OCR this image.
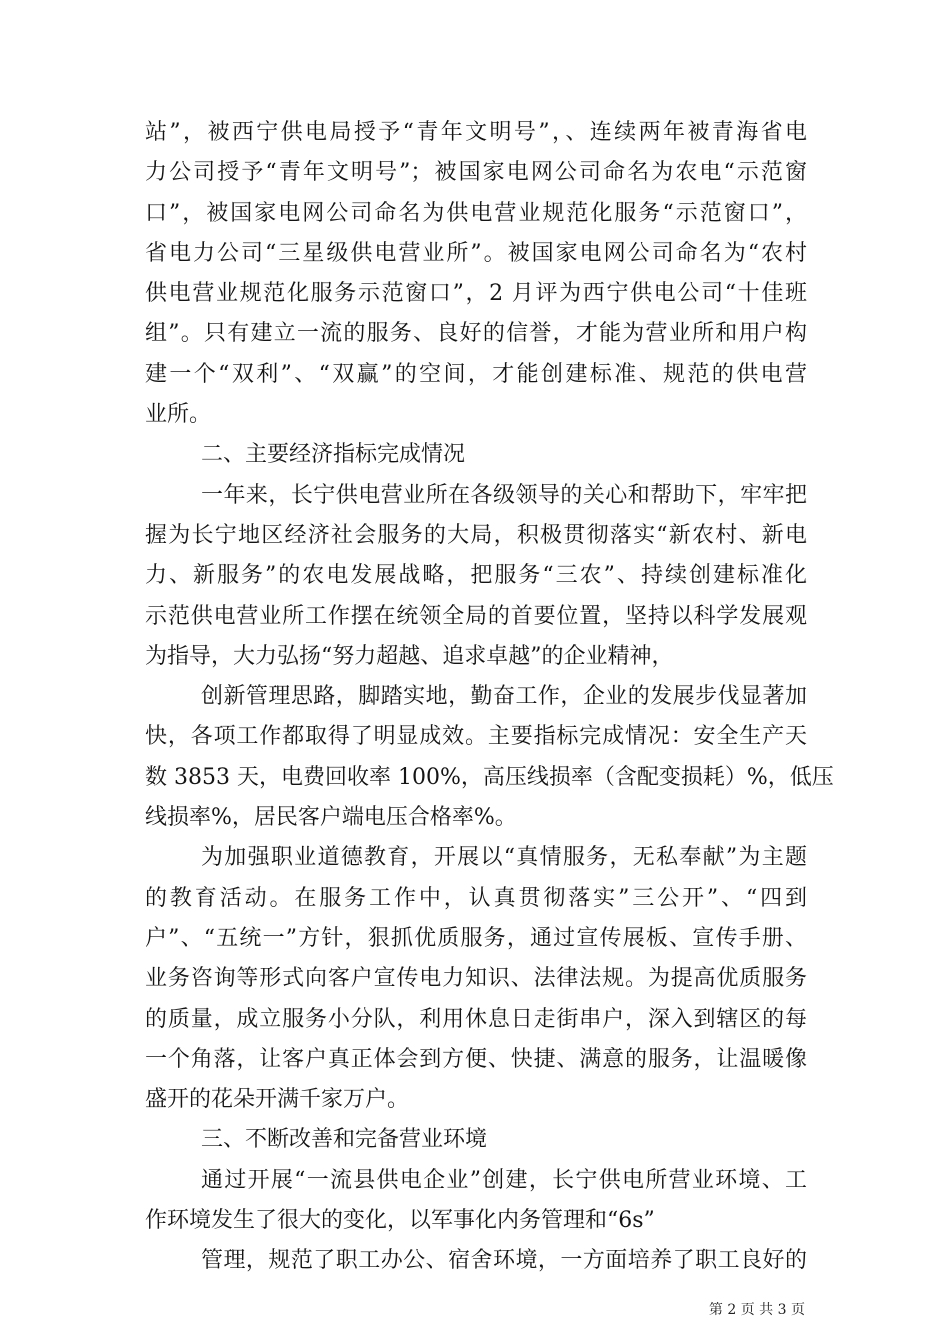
站”，被西宁供电局授予“青年文明号”，、连续两年被青海省电
力公司授予“青年文明号”；被国家电网公司命名为农电“示范窗
口”，被国家电网公司命名为供电营业规范化服务“示范窗口”，
省电力公司“三星级供电营业所”。被国家电网公司命名为“农村
供电营业规范化服务示范窗口”，2 月评为西宁供电公司“十佳班
组”。只有建立一流的服务、良好的信誉，才能为营业所和用户构
建一个“双利”、“双赢”的空间，才能创建标准、规范的供电营
业所。
二、主要经济指标完成情况
一年来，长宁供电营业所在各级领导的关心和帮助下，牢牢把
握为长宁地区经济社会服务的大局，积极贯彻落实“新农村、新电
力、新服务”的农电发展战略，把服务“三农”、持续创建标准化
示范供电营业所工作摆在统领全局的首要位置，坚持以科学发展观
为指导，大力弘扬“努力超越、追求卓越”的企业精神，
创新管理思路，脚踏实地，勤奋工作，企业的发展步伐显著加
快，各项工作都取得了明显成效。主要指标完成情况：安全生产天
数 3853 天，电费回收率 100%，高压线损率（含配变损耗）%，低压
线损率%，居民客户端电压合格率%。
为加强职业道德教育，开展以“真情服务，无私奉献”为主题
的教育活动。在服务工作中，认真贯彻落实”三公开”、“四到
户”、“五统一”方针，狠抓优质服务，通过宣传展板、宣传手册、
业务咨询等形式向客户宣传电力知识、法律法规。为提高优质服务
的质量，成立服务小分队，利用休息日走街串户，深入到辖区的每
一个角落，让客户真正体会到方便、快捷、满意的服务，让温暖像
盛开的花朵开满千家万户。
三、不断改善和完备营业环境
通过开展“一流县供电企业”创建，长宁供电所营业环境、工
作环境发生了很大的变化，以军事化内务管理和“6s”
管理，规范了职工办公、宿舍环境，一方面培养了职工良好的
第 2 页 共 3 页
